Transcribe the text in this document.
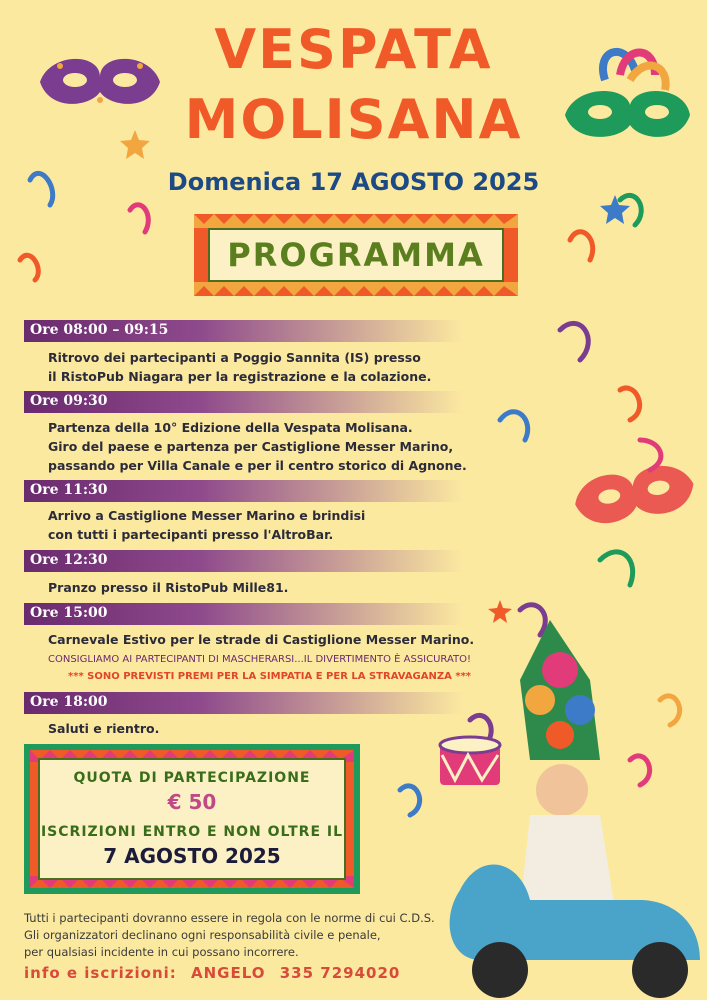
VESPATA
MOLISANA
Domenica 17 AGOSTO 2025
PROGRAMMA
Ore 08:00 – 09:15
Ritrovo dei partecipanti a Poggio Sannita (IS) presso
il RistoPub Niagara per la registrazione e la colazione.
Ore 09:30
Partenza della 10° Edizione della Vespata Molisana.
Giro del paese e partenza per Castiglione Messer Marino,
passando per Villa Canale e per il centro storico di Agnone.
Ore 11:30
Arrivo a Castiglione Messer Marino e brindisi
con tutti i partecipanti presso l'AltroBar.
Ore 12:30
Pranzo presso il RistoPub Mille81.
Ore 15:00
Carnevale Estivo per le strade di Castiglione Messer Marino.
CONSIGLIAMO AI PARTECIPANTI DI MASCHERARSI...IL DIVERTIMENTO È ASSICURATO!
*** SONO PREVISTI PREMI PER LA SIMPATIA E PER LA STRAVAGANZA ***
Ore 18:00
Saluti e rientro.
QUOTA DI PARTECIPAZIONE
€ 50
ISCRIZIONI ENTRO E NON OLTRE IL
7 AGOSTO 2025
Tutti i partecipanti dovranno essere in regola con le norme di cui C.D.S.
Gli organizzatori declinano ogni responsabilità civile e penale,
per qualsiasi incidente in cui possano incorrere.
info e iscrizioni: ANGELO 335 7294020
